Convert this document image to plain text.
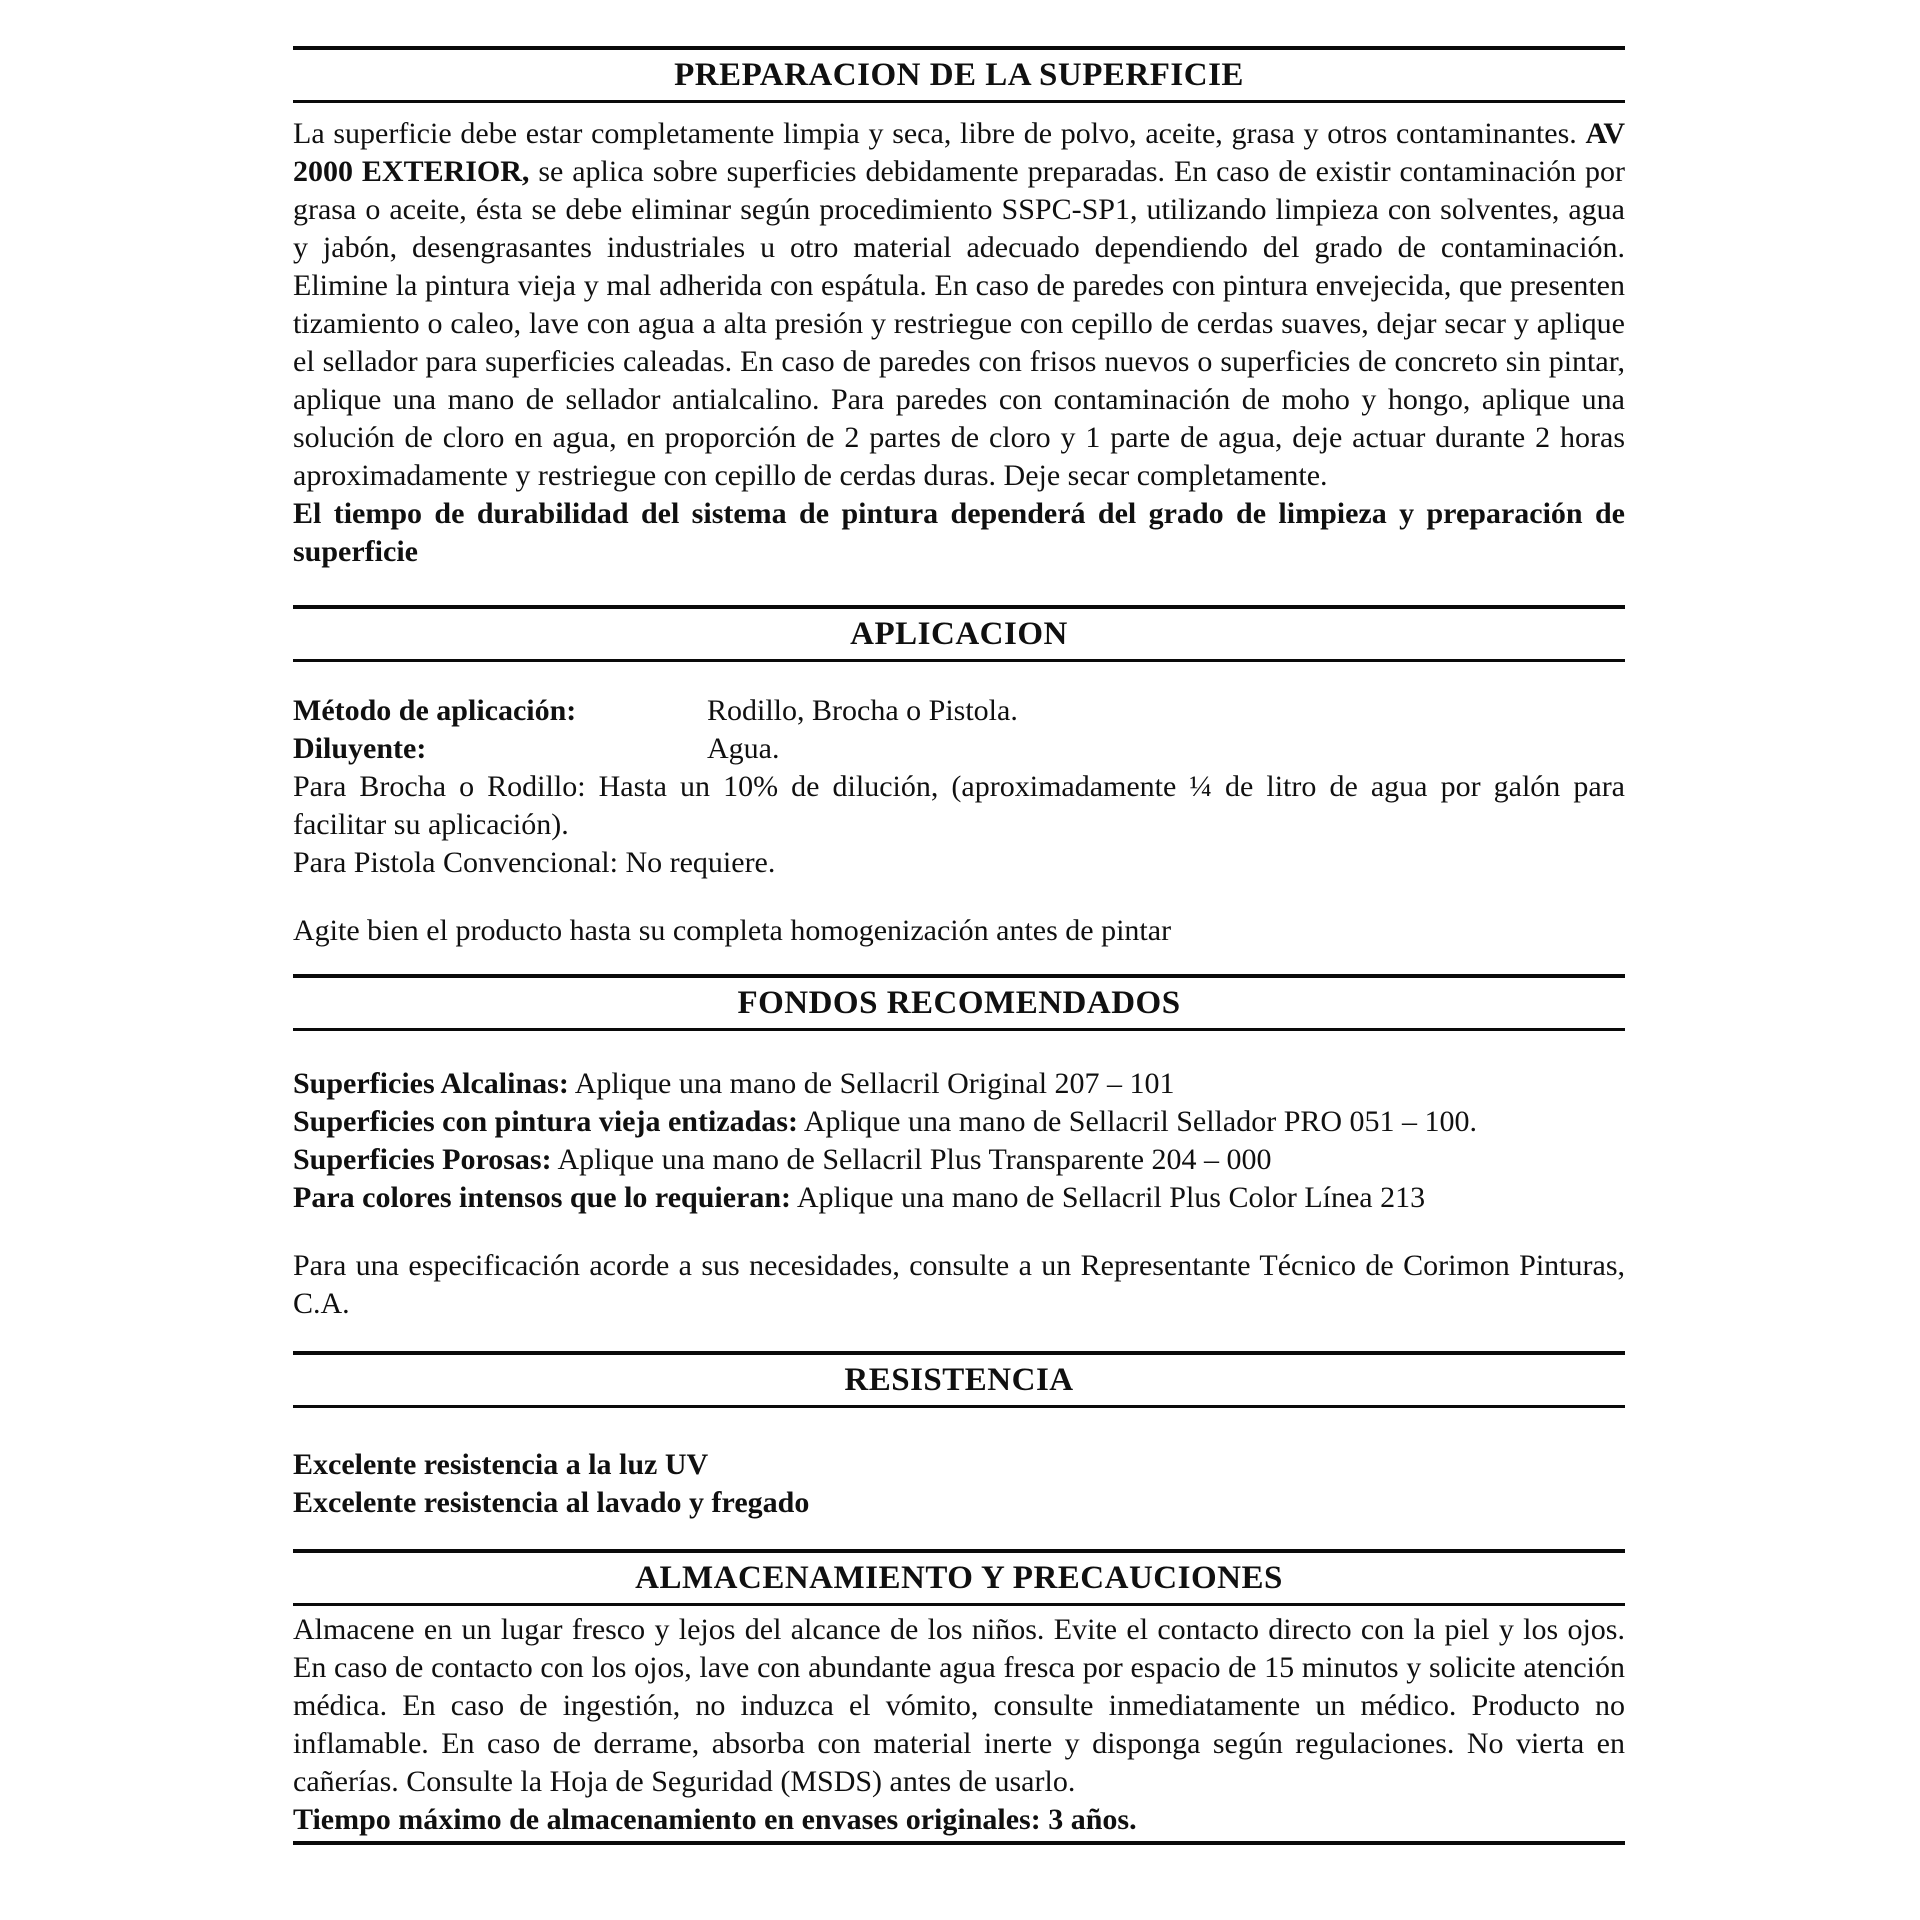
PREPARACION DE LA SUPERFICIE

La superficie debe estar completamente limpia y seca, libre de polvo, aceite, grasa y otros contaminantes. AV 2000 EXTERIOR, se aplica sobre superficies debidamente preparadas. En caso de existir contaminación por grasa o aceite, ésta se debe eliminar según procedimiento SSPC-SP1, utilizando limpieza con solventes, agua y jabón, desengrasantes industriales u otro material adecuado dependiendo del grado de contaminación. Elimine la pintura vieja y mal adherida con espátula. En caso de paredes con pintura envejecida, que presenten tizamiento o caleo, lave con agua a alta presión y restriegue con cepillo de cerdas suaves, dejar secar y aplique el sellador para superficies caleadas. En caso de paredes con frisos nuevos o superficies de concreto sin pintar, aplique una mano de sellador antialcalino. Para paredes con contaminación de moho y hongo, aplique una solución de cloro en agua, en proporción de 2 partes de cloro y 1 parte de agua, deje actuar durante 2 horas aproximadamente y restriegue con cepillo de cerdas duras. Deje secar completamente.

El tiempo de durabilidad del sistema de pintura dependerá del grado de limpieza y preparación de superficie

APLICACION
Método de aplicación:	Rodillo, Brocha o Pistola.
Diluyente:	Agua.

Para Brocha o Rodillo: Hasta un 10% de dilución, (aproximadamente ¼ de litro de agua por galón para facilitar su aplicación).

Para Pistola Convencional: No requiere.

Agite bien el producto hasta su completa homogenización antes de pintar

FONDOS RECOMENDADOS
Superficies Alcalinas: Aplique una mano de Sellacril Original 207 – 101
Superficies con pintura vieja entizadas: Aplique una mano de Sellacril Sellador PRO 051 – 100.
Superficies Porosas: Aplique una mano de Sellacril Plus Transparente 204 – 000
Para colores intensos que lo requieran: Aplique una mano de Sellacril Plus Color Línea 213

Para una especificación acorde a sus necesidades, consulte a un Representante Técnico de Corimon Pinturas, C.A.

RESISTENCIA
Excelente resistencia a la luz UV
Excelente resistencia al lavado y fregado
ALMACENAMIENTO Y PRECAUCIONES

Almacene en un lugar fresco y lejos del alcance de los niños. Evite el contacto directo con la piel y los ojos. En caso de contacto con los ojos, lave con abundante agua fresca por espacio de 15 minutos y solicite atención médica. En caso de ingestión, no induzca el vómito, consulte inmediatamente un médico. Producto no inflamable. En caso de derrame, absorba con material inerte y disponga según regulaciones. No vierta en cañerías. Consulte la Hoja de Seguridad (MSDS) antes de usarlo.
Tiempo máximo de almacenamiento en envases originales: 3 años.
